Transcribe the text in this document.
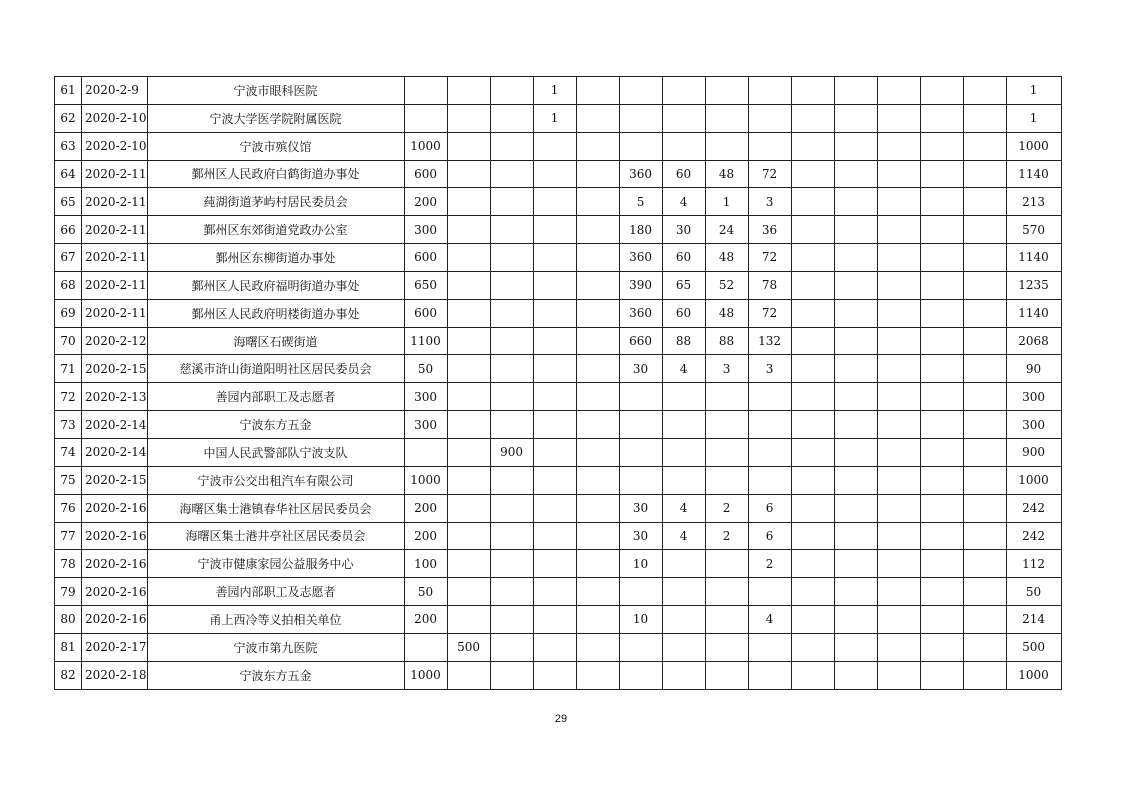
61	2020-2-9	宁波市眼科医院				1											1
62	2020-2-10	宁波大学医学院附属医院				1											1
63	2020-2-10	宁波市殡仪馆	1000														1000
64	2020-2-11	鄞州区人民政府白鹤街道办事处	600					360	60	48	72						1140
65	2020-2-11	莼湖街道茅屿村居民委员会	200					5	4	1	3						213
66	2020-2-11	鄞州区东郊街道党政办公室	300					180	30	24	36						570
67	2020-2-11	鄞州区东柳街道办事处	600					360	60	48	72						1140
68	2020-2-11	鄞州区人民政府福明街道办事处	650					390	65	52	78						1235
69	2020-2-11	鄞州区人民政府明楼街道办事处	600					360	60	48	72						1140
70	2020-2-12	海曙区石碶街道	1100					660	88	88	132						2068
71	2020-2-15	慈溪市浒山街道阳明社区居民委员会	50					30	4	3	3						90
72	2020-2-13	善园内部职工及志愿者	300														300
73	2020-2-14	宁波东方五金	300														300
74	2020-2-14	中国人民武警部队宁波支队			900												900
75	2020-2-15	宁波市公交出租汽车有限公司	1000														1000
76	2020-2-16	海曙区集士港镇春华社区居民委员会	200					30	4	2	6						242
77	2020-2-16	海曙区集士港井亭社区居民委员会	200					30	4	2	6						242
78	2020-2-16	宁波市健康家园公益服务中心	100					10			2						112
79	2020-2-16	善园内部职工及志愿者	50														50
80	2020-2-16	甬上西冷等义拍相关单位	200					10			4						214
81	2020-2-17	宁波市第九医院		500													500
82	2020-2-18	宁波东方五金	1000														1000
29
